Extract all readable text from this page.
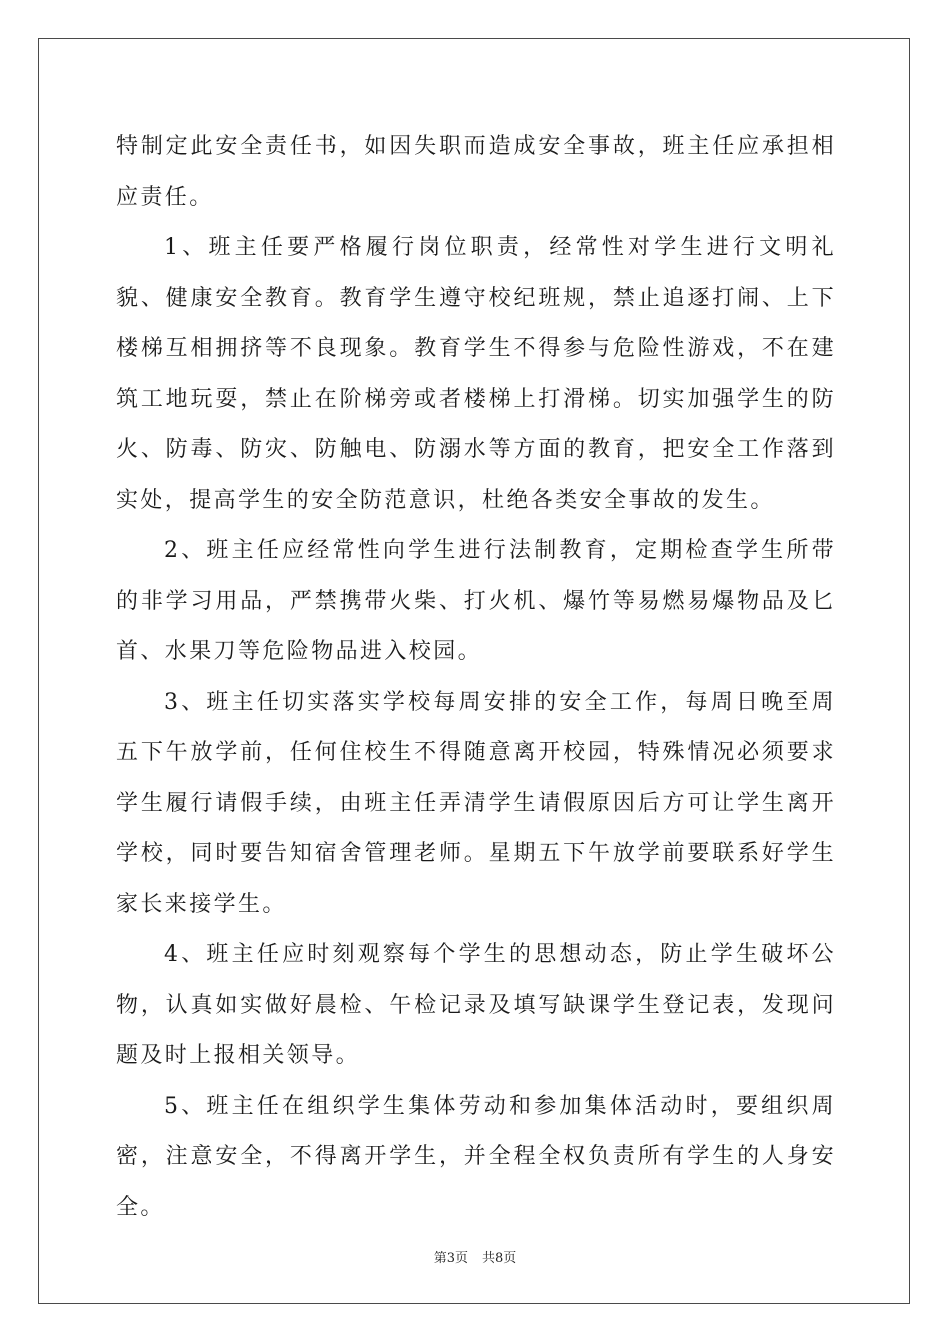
特制定此安全责任书，如因失职而造成安全事故，班主任应承担相应责任。

1、班主任要严格履行岗位职责，经常性对学生进行文明礼貌、健康安全教育。教育学生遵守校纪班规，禁止追逐打闹、上下楼梯互相拥挤等不良现象。教育学生不得参与危险性游戏，不在建筑工地玩耍，禁止在阶梯旁或者楼梯上打滑梯。切实加强学生的防火、防毒、防灾、防触电、防溺水等方面的教育，把安全工作落到实处，提高学生的安全防范意识，杜绝各类安全事故的发生。

2、班主任应经常性向学生进行法制教育，定期检查学生所带的非学习用品，严禁携带火柴、打火机、爆竹等易燃易爆物品及匕首、水果刀等危险物品进入校园。

3、班主任切实落实学校每周安排的安全工作，每周日晚至周五下午放学前，任何住校生不得随意离开校园，特殊情况必须要求学生履行请假手续，由班主任弄清学生请假原因后方可让学生离开学校，同时要告知宿舍管理老师。星期五下午放学前要联系好学生家长来接学生。

4、班主任应时刻观察每个学生的思想动态，防止学生破坏公物，认真如实做好晨检、午检记录及填写缺课学生登记表，发现问题及时上报相关领导。

5、班主任在组织学生集体劳动和参加集体活动时，要组织周密，注意安全，不得离开学生，并全程全权负责所有学生的人身安全。

第3页 共8页
